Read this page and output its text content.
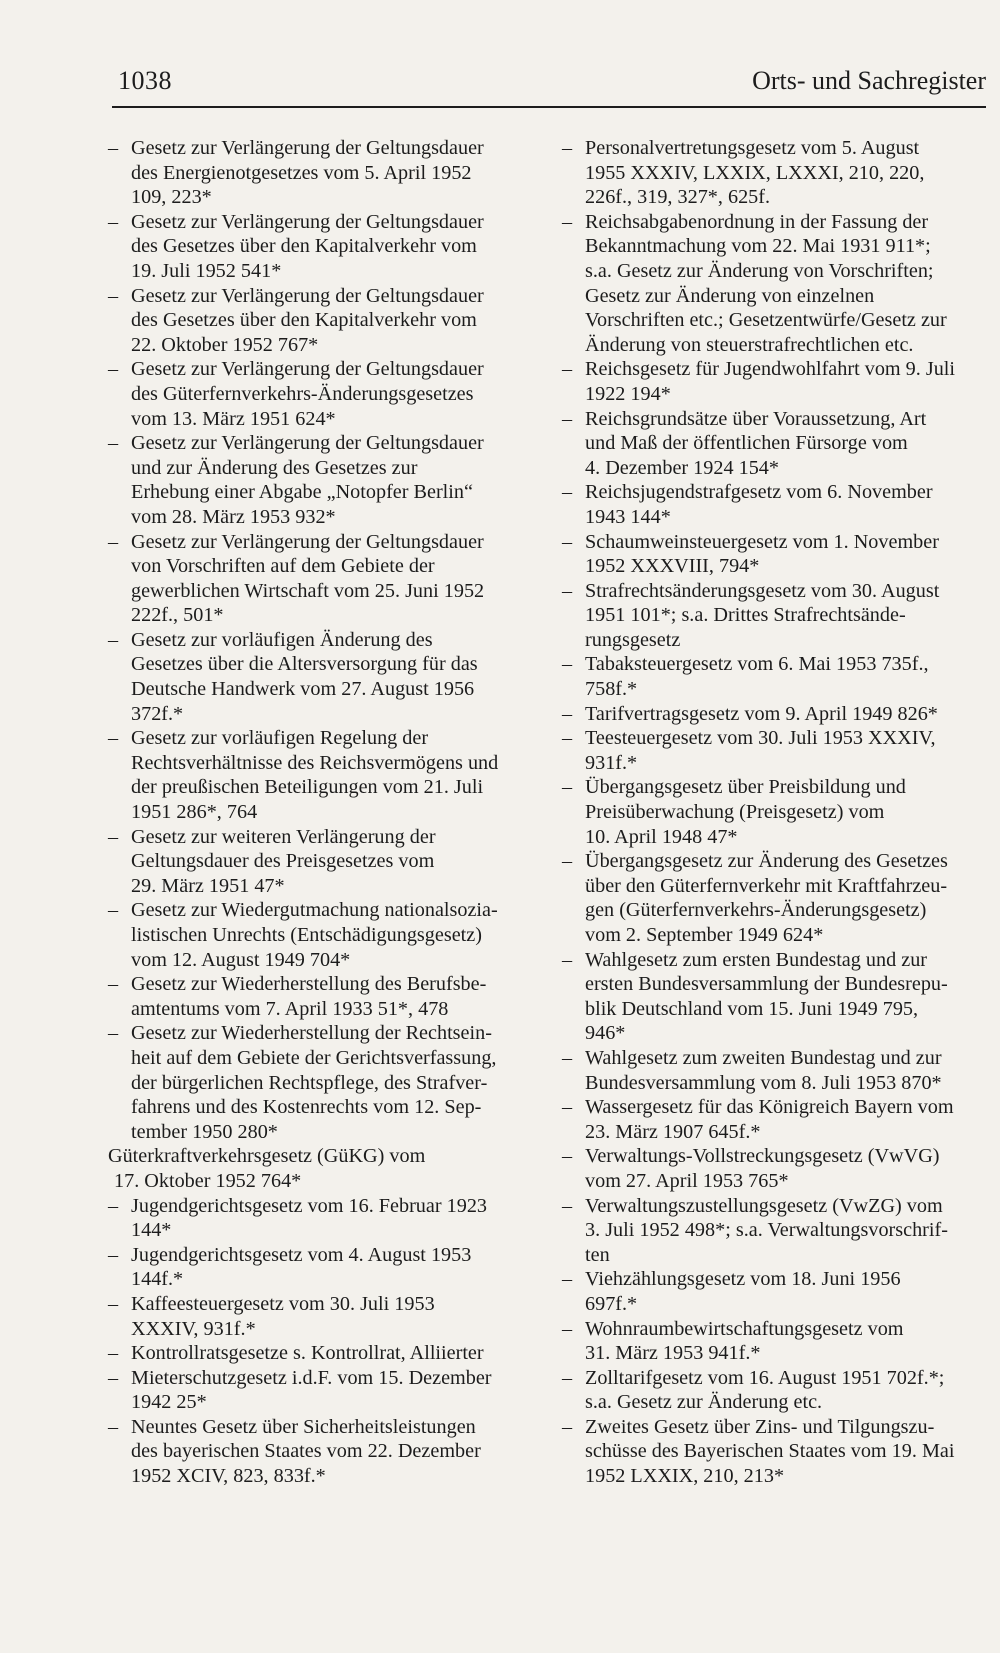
1038	Orts- und Sachregister
– Gesetz zur Verlängerung der Geltungsdauer
des Energienotgesetzes vom 5. April 1952
109, 223*
– Gesetz zur Verlängerung der Geltungsdauer
des Gesetzes über den Kapitalverkehr vom
19. Juli 1952 541*
– Gesetz zur Verlängerung der Geltungsdauer
des Gesetzes über den Kapitalverkehr vom
22. Oktober 1952 767*
– Gesetz zur Verlängerung der Geltungsdauer
des Güterfernverkehrs-Änderungsgesetzes
vom 13. März 1951 624*
– Gesetz zur Verlängerung der Geltungsdauer
und zur Änderung des Gesetzes zur
Erhebung einer Abgabe „Notopfer Berlin“
vom 28. März 1953 932*
– Gesetz zur Verlängerung der Geltungsdauer
von Vorschriften auf dem Gebiete der
gewerblichen Wirtschaft vom 25. Juni 1952
222f., 501*
– Gesetz zur vorläufigen Änderung des
Gesetzes über die Altersversorgung für das
Deutsche Handwerk vom 27. August 1956
372f.*
– Gesetz zur vorläufigen Regelung der
Rechtsverhältnisse des Reichsvermögens und
der preußischen Beteiligungen vom 21. Juli
1951 286*, 764
– Gesetz zur weiteren Verlängerung der
Geltungsdauer des Preisgesetzes vom
29. März 1951 47*
– Gesetz zur Wiedergutmachung nationalsozia-
listischen Unrechts (Entschädigungsgesetz)
vom 12. August 1949 704*
– Gesetz zur Wiederherstellung des Berufsbe-
amtentums vom 7. April 1933 51*, 478
– Gesetz zur Wiederherstellung der Rechtsein-
heit auf dem Gebiete der Gerichtsverfassung,
der bürgerlichen Rechtspflege, des Strafver-
fahrens und des Kostenrechts vom 12. Sep-
tember 1950 280*
Güterkraftverkehrsgesetz (GüKG) vom
17. Oktober 1952 764*
– Jugendgerichtsgesetz vom 16. Februar 1923
144*
– Jugendgerichtsgesetz vom 4. August 1953
144f.*
– Kaffeesteuergesetz vom 30. Juli 1953
XXXIV, 931f.*
– Kontrollratsgesetze s. Kontrollrat, Alliierter
– Mieterschutzgesetz i.d.F. vom 15. Dezember
1942 25*
– Neuntes Gesetz über Sicherheitsleistungen
des bayerischen Staates vom 22. Dezember
1952 XCIV, 823, 833f.*
– Personalvertretungsgesetz vom 5. August
1955 XXXIV, LXXIX, LXXXI, 210, 220,
226f., 319, 327*, 625f.
– Reichsabgabenordnung in der Fassung der
Bekanntmachung vom 22. Mai 1931 911*;
s.a. Gesetz zur Änderung von Vorschriften;
Gesetz zur Änderung von einzelnen
Vorschriften etc.; Gesetzentwürfe/Gesetz zur
Änderung von steuerstrafrechtlichen etc.
– Reichsgesetz für Jugendwohlfahrt vom 9. Juli
1922 194*
– Reichsgrundsätze über Voraussetzung, Art
und Maß der öffentlichen Fürsorge vom
4. Dezember 1924 154*
– Reichsjugendstrafgesetz vom 6. November
1943 144*
– Schaumweinsteuergesetz vom 1. November
1952 XXXVIII, 794*
– Strafrechtsänderungsgesetz vom 30. August
1951 101*; s.a. Drittes Strafrechtsände-
rungsgesetz
– Tabaksteuergesetz vom 6. Mai 1953 735f.,
758f.*
– Tarifvertragsgesetz vom 9. April 1949 826*
– Teesteuergesetz vom 30. Juli 1953 XXXIV,
931f.*
– Übergangsgesetz über Preisbildung und
Preisüberwachung (Preisgesetz) vom
10. April 1948 47*
– Übergangsgesetz zur Änderung des Gesetzes
über den Güterfernverkehr mit Kraftfahrzeu-
gen (Güterfernverkehrs-Änderungsgesetz)
vom 2. September 1949 624*
– Wahlgesetz zum ersten Bundestag und zur
ersten Bundesversammlung der Bundesrepu-
blik Deutschland vom 15. Juni 1949 795,
946*
– Wahlgesetz zum zweiten Bundestag und zur
Bundesversammlung vom 8. Juli 1953 870*
– Wassergesetz für das Königreich Bayern vom
23. März 1907 645f.*
– Verwaltungs-Vollstreckungsgesetz (VwVG)
vom 27. April 1953 765*
– Verwaltungszustellungsgesetz (VwZG) vom
3. Juli 1952 498*; s.a. Verwaltungsvorschrif-
ten
– Viehzählungsgesetz vom 18. Juni 1956
697f.*
– Wohnraumbewirtschaftungsgesetz vom
31. März 1953 941f.*
– Zolltarifgesetz vom 16. August 1951 702f.*;
s.a. Gesetz zur Änderung etc.
– Zweites Gesetz über Zins- und Tilgungszu-
schüsse des Bayerischen Staates vom 19. Mai
1952 LXXIX, 210, 213*
